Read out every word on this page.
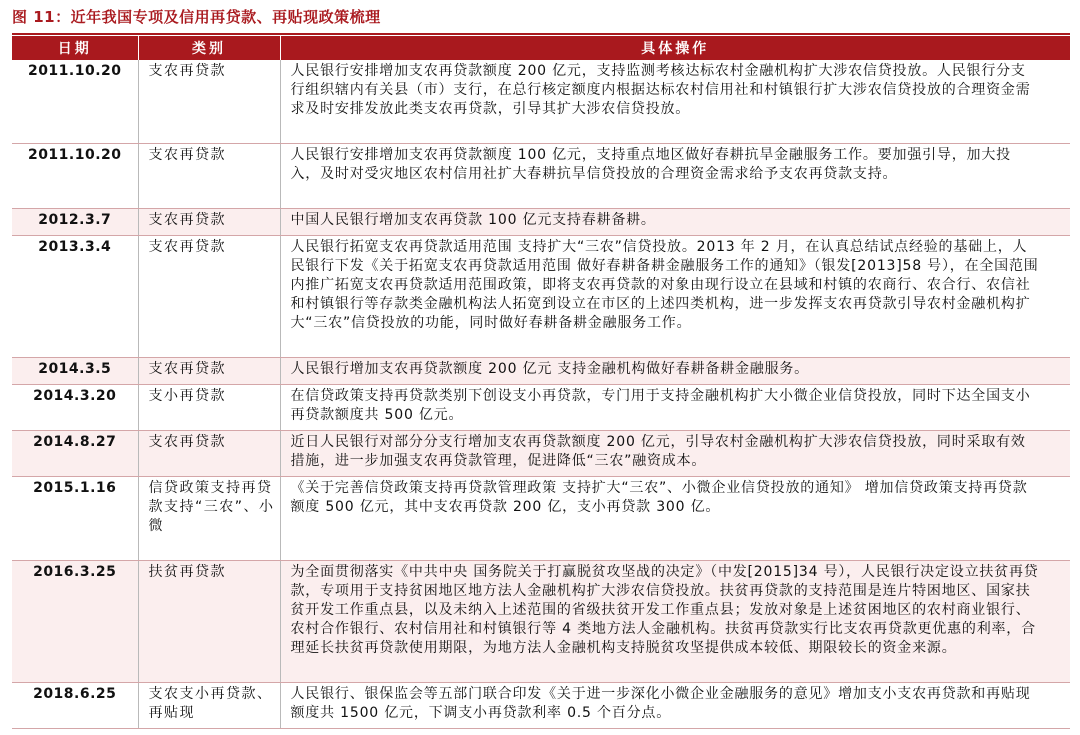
图 11：近年我国专项及信用再贷款、再贴现政策梳理
日期	类别	具体操作
2011.10.20	支农再贷款	人民银行安排增加支农再贷款额度 200 亿元，支持监测考核达标农村金融机构扩大涉农信贷投放。人民银行分支行组织辖内有关县（市）支行，在总行核定额度内根据达标农村信用社和村镇银行扩大涉农信贷投放的合理资金需求及时安排发放此类支农再贷款，引导其扩大涉农信贷投放。
2011.10.20	支农再贷款	人民银行安排增加支农再贷款额度 100 亿元，支持重点地区做好春耕抗旱金融服务工作。要加强引导，加大投入，及时对受灾地区农村信用社扩大春耕抗旱信贷投放的合理资金需求给予支农再贷款支持。
2012.3.7	支农再贷款	中国人民银行增加支农再贷款 100 亿元支持春耕备耕。
2013.3.4	支农再贷款	人民银行拓宽支农再贷款适用范围 支持扩大“三农”信贷投放。2013 年 2 月，在认真总结试点经验的基础上，人民银行下发《关于拓宽支农再贷款适用范围 做好春耕备耕金融服务工作的通知》（银发[2013]58 号），在全国范围内推广拓宽支农再贷款适用范围政策，即将支农再贷款的对象由现行设立在县域和村镇的农商行、农合行、农信社和村镇银行等存款类金融机构法人拓宽到设立在市区的上述四类机构，进一步发挥支农再贷款引导农村金融机构扩大“三农”信贷投放的功能，同时做好春耕备耕金融服务工作。
2014.3.5	支农再贷款	人民银行增加支农再贷款额度 200 亿元 支持金融机构做好春耕备耕金融服务。
2014.3.20	支小再贷款	在信贷政策支持再贷款类别下创设支小再贷款，专门用于支持金融机构扩大小微企业信贷投放，同时下达全国支小再贷款额度共 500 亿元。
2014.8.27	支农再贷款	近日人民银行对部分分支行增加支农再贷款额度 200 亿元，引导农村金融机构扩大涉农信贷投放，同时采取有效措施，进一步加强支农再贷款管理，促进降低“三农”融资成本。
2015.1.16	信贷政策支持再贷款支持“三农”、小微	《关于完善信贷政策支持再贷款管理政策 支持扩大“三农”、小微企业信贷投放的通知》 增加信贷政策支持再贷款额度 500 亿元，其中支农再贷款 200 亿，支小再贷款 300 亿。
2016.3.25	扶贫再贷款	为全面贯彻落实《中共中央 国务院关于打赢脱贫攻坚战的决定》（中发[2015]34 号），人民银行决定设立扶贫再贷款，专项用于支持贫困地区地方法人金融机构扩大涉农信贷投放。扶贫再贷款的支持范围是连片特困地区、国家扶贫开发工作重点县，以及未纳入上述范围的省级扶贫开发工作重点县；发放对象是上述贫困地区的农村商业银行、农村合作银行、农村信用社和村镇银行等 4 类地方法人金融机构。扶贫再贷款实行比支农再贷款更优惠的利率，合理延长扶贫再贷款使用期限，为地方法人金融机构支持脱贫攻坚提供成本较低、期限较长的资金来源。
2018.6.25	支农支小再贷款、再贴现	人民银行、银保监会等五部门联合印发《关于进一步深化小微企业金融服务的意见》增加支小支农再贷款和再贴现额度共 1500 亿元，下调支小再贷款利率 0.5 个百分点。
